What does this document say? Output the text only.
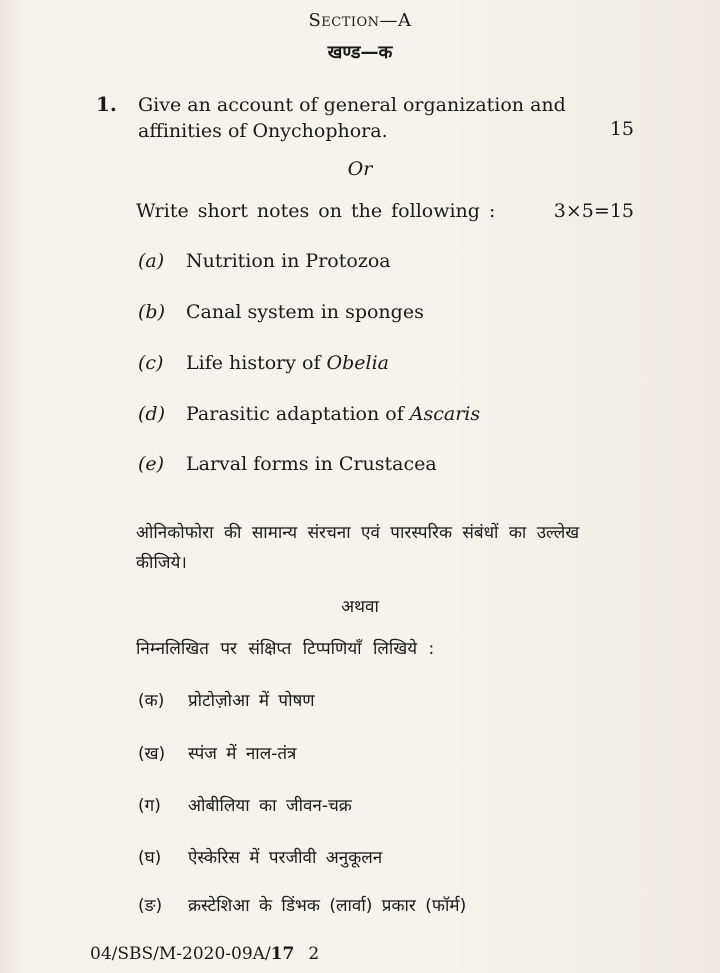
Section—A
खण्ड—क
1. Give an account of general organization and affinities of Onychophora.	15
Or
Write short notes on the following :	3×5=15
(a) Nutrition in Protozoa
(b) Canal system in sponges
(c) Life history of Obelia
(d) Parasitic adaptation of Ascaris
(e) Larval forms in Crustacea
ओनिकोफोरा की सामान्य संरचना एवं पारस्परिक संबंधों का उल्लेख कीजिये।
अथवा
निम्नलिखित पर संक्षिप्त टिप्पणियाँ लिखिये :
(क) प्रोटोज़ोआ में पोषण
(ख) स्पंज में नाल-तंत्र
(ग) ओबीलिया का जीवन-चक्र
(घ) ऐस्केरिस में परजीवी अनुकूलन
(ङ) क्रस्टेशिआ के डिंभक (लार्वा) प्रकार (फॉर्म)
04/SBS/M-2020-09A/17 2
